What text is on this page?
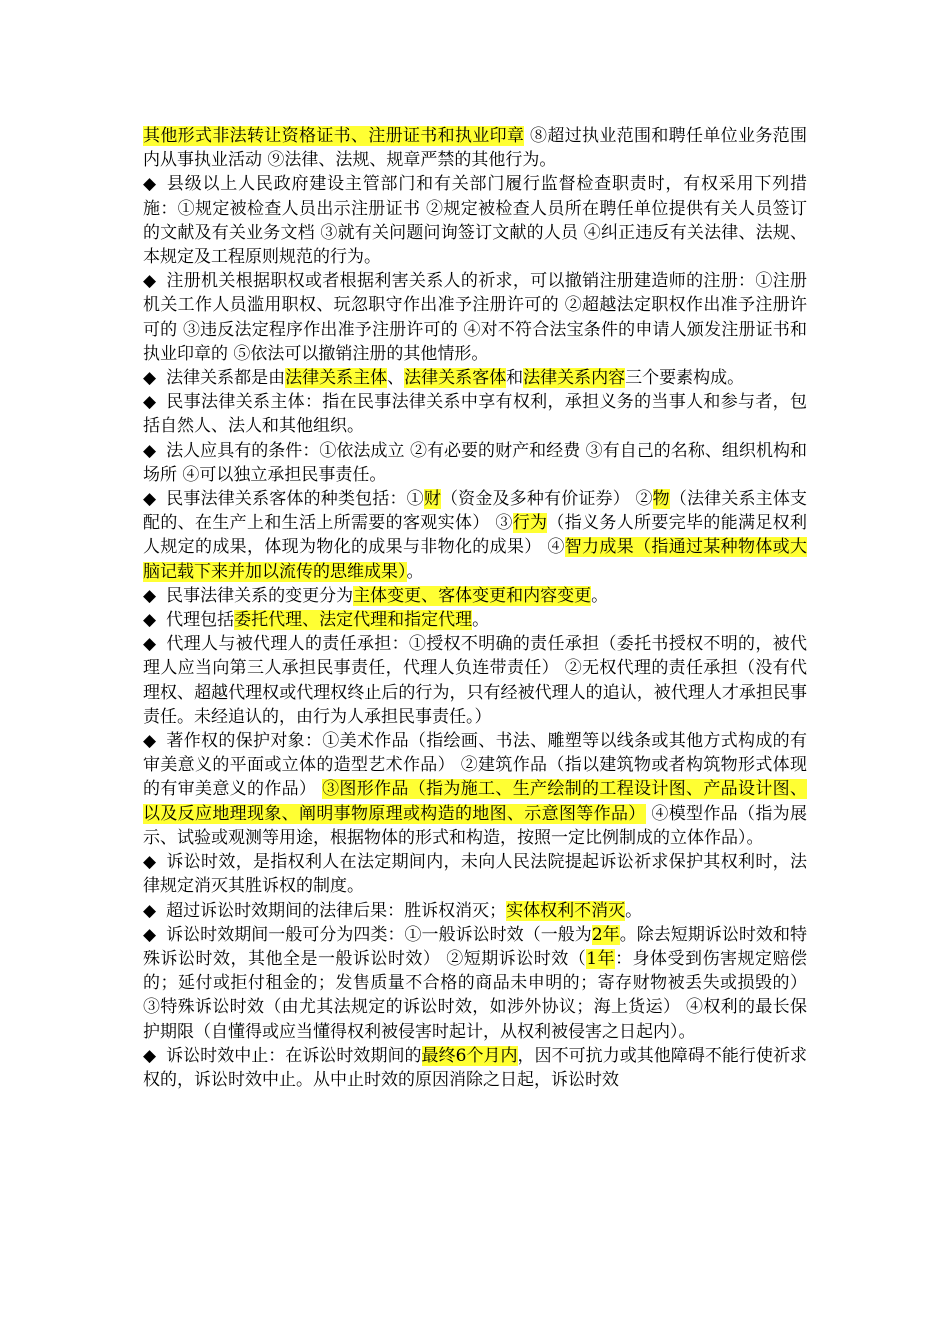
其他形式非法转让资格证书、注册证书和执业印章 ⑧超过执业范围和聘任单位业务范围内从事执业活动 ⑨法律、法规、规章严禁的其他行为。

◆ 县级以上人民政府建设主管部门和有关部门履行监督检查职责时，有权采用下列措施：①规定被检查人员出示注册证书 ②规定被检查人员所在聘任单位提供有关人员签订的文献及有关业务文档 ③就有关问题问询签订文献的人员 ④纠正违反有关法律、法规、本规定及工程原则规范的行为。

◆ 注册机关根据职权或者根据利害关系人的祈求，可以撤销注册建造师的注册：①注册机关工作人员滥用职权、玩忽职守作出准予注册许可的 ②超越法定职权作出准予注册许可的 ③违反法定程序作出准予注册许可的 ④对不符合法宝条件的申请人颁发注册证书和执业印章的 ⑤依法可以撤销注册的其他情形。

◆ 法律关系都是由法律关系主体、法律关系客体和法律关系内容三个要素构成。

◆ 民事法律关系主体：指在民事法律关系中享有权利，承担义务的当事人和参与者，包括自然人、法人和其他组织。

◆ 法人应具有的条件：①依法成立 ②有必要的财产和经费 ③有自己的名称、组织机构和场所 ④可以独立承担民事责任。

◆ 民事法律关系客体的种类包括：①财（资金及多种有价证券） ②物（法律关系主体支配的、在生产上和生活上所需要的客观实体） ③行为（指义务人所要完毕的能满足权利人规定的成果，体现为物化的成果与非物化的成果） ④智力成果（指通过某种物体或大脑记载下来并加以流传的思维成果）。

◆ 民事法律关系的变更分为主体变更、客体变更和内容变更。

◆ 代理包括委托代理、法定代理和指定代理。

◆ 代理人与被代理人的责任承担：①授权不明确的责任承担（委托书授权不明的，被代理人应当向第三人承担民事责任，代理人负连带责任） ②无权代理的责任承担（没有代理权、超越代理权或代理权终止后的行为，只有经被代理人的追认，被代理人才承担民事责任。未经追认的，由行为人承担民事责任。）

◆ 著作权的保护对象：①美术作品（指绘画、书法、雕塑等以线条或其他方式构成的有审美意义的平面或立体的造型艺术作品） ②建筑作品（指以建筑物或者构筑物形式体现的有审美意义的作品） ③图形作品（指为施工、生产绘制的工程设计图、产品设计图、以及反应地理现象、阐明事物原理或构造的地图、示意图等作品） ④模型作品（指为展示、试验或观测等用途，根据物体的形式和构造，按照一定比例制成的立体作品）。

◆ 诉讼时效，是指权利人在法定期间内，未向人民法院提起诉讼祈求保护其权利时，法律规定消灭其胜诉权的制度。

◆ 超过诉讼时效期间的法律后果：胜诉权消灭；实体权利不消灭。

◆ 诉讼时效期间一般可分为四类：①一般诉讼时效（一般为2年。除去短期诉讼时效和特殊诉讼时效，其他全是一般诉讼时效） ②短期诉讼时效（1年：身体受到伤害规定赔偿的；延付或拒付租金的；发售质量不合格的商品未申明的；寄存财物被丢失或损毁的） ③特殊诉讼时效（由尤其法规定的诉讼时效，如涉外协议；海上货运） ④权利的最长保护期限（自懂得或应当懂得权利被侵害时起计，从权利被侵害之日起内）。

◆ 诉讼时效中止：在诉讼时效期间的最终6个月内，因不可抗力或其他障碍不能行使祈求权的，诉讼时效中止。从中止时效的原因消除之日起，诉讼时效
